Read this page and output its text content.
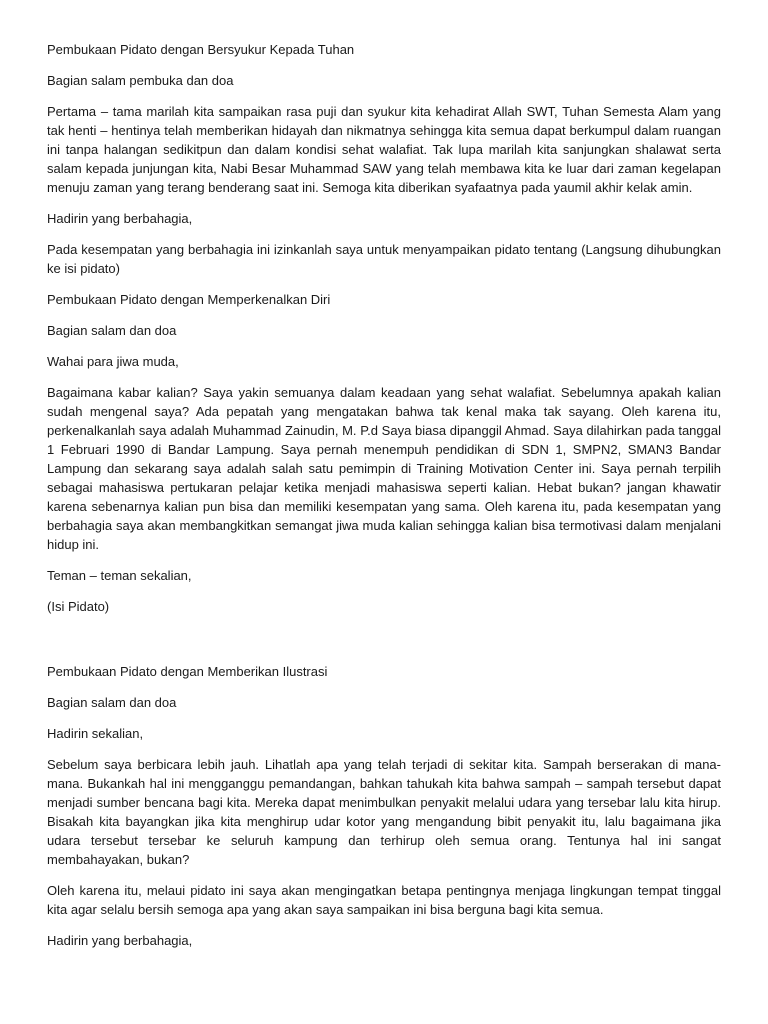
Pembukaan Pidato dengan Bersyukur Kepada Tuhan

Bagian salam pembuka dan doa

Pertama – tama marilah kita sampaikan rasa puji dan syukur kita kehadirat Allah SWT, Tuhan Semesta Alam yang tak henti – hentinya telah memberikan hidayah dan nikmatnya sehingga kita semua dapat berkumpul dalam ruangan ini tanpa halangan sedikitpun dan dalam kondisi sehat walafiat. Tak lupa marilah kita sanjungkan shalawat serta salam kepada junjungan kita, Nabi Besar Muhammad SAW yang telah membawa kita ke luar dari zaman kegelapan menuju zaman yang terang benderang saat ini. Semoga kita diberikan syafaatnya pada yaumil akhir kelak amin.

Hadirin yang berbahagia,

Pada kesempatan yang berbahagia ini izinkanlah saya untuk menyampaikan pidato tentang (Langsung dihubungkan ke isi pidato)

Pembukaan Pidato dengan Memperkenalkan Diri

Bagian salam dan doa

Wahai para jiwa muda,

Bagaimana kabar kalian? Saya yakin semuanya dalam keadaan yang sehat walafiat. Sebelumnya apakah kalian sudah mengenal saya? Ada pepatah yang mengatakan bahwa tak kenal maka tak sayang. Oleh karena itu, perkenalkanlah saya adalah Muhammad Zainudin, M. P.d Saya biasa dipanggil Ahmad. Saya dilahirkan pada tanggal 1 Februari 1990 di Bandar Lampung. Saya pernah menempuh pendidikan di SDN 1, SMPN2, SMAN3 Bandar Lampung dan sekarang saya adalah salah satu pemimpin di Training Motivation Center ini. Saya pernah terpilih sebagai mahasiswa pertukaran pelajar ketika menjadi mahasiswa seperti kalian. Hebat bukan? jangan khawatir karena sebenarnya kalian pun bisa dan memiliki kesempatan yang sama. Oleh karena itu, pada kesempatan yang berbahagia saya akan membangkitkan semangat jiwa muda kalian sehingga kalian bisa termotivasi dalam menjalani hidup ini.

Teman – teman sekalian,

(Isi Pidato)

Pembukaan Pidato dengan Memberikan Ilustrasi

Bagian salam dan doa

Hadirin sekalian,

Sebelum saya berbicara lebih jauh. Lihatlah apa yang telah terjadi di sekitar kita. Sampah berserakan di mana-mana. Bukankah hal ini mengganggu pemandangan, bahkan tahukah kita bahwa sampah – sampah tersebut dapat menjadi sumber bencana bagi kita. Mereka dapat menimbulkan penyakit melalui udara yang tersebar lalu kita hirup. Bisakah kita bayangkan jika kita menghirup udar kotor yang mengandung bibit penyakit itu, lalu bagaimana jika udara tersebut tersebar ke seluruh kampung dan terhirup oleh semua orang. Tentunya hal ini sangat membahayakan, bukan?

Oleh karena itu, melaui pidato ini saya akan mengingatkan betapa pentingnya menjaga lingkungan tempat tinggal kita agar selalu bersih semoga apa yang akan saya sampaikan ini bisa berguna bagi kita semua.

Hadirin yang berbahagia,
